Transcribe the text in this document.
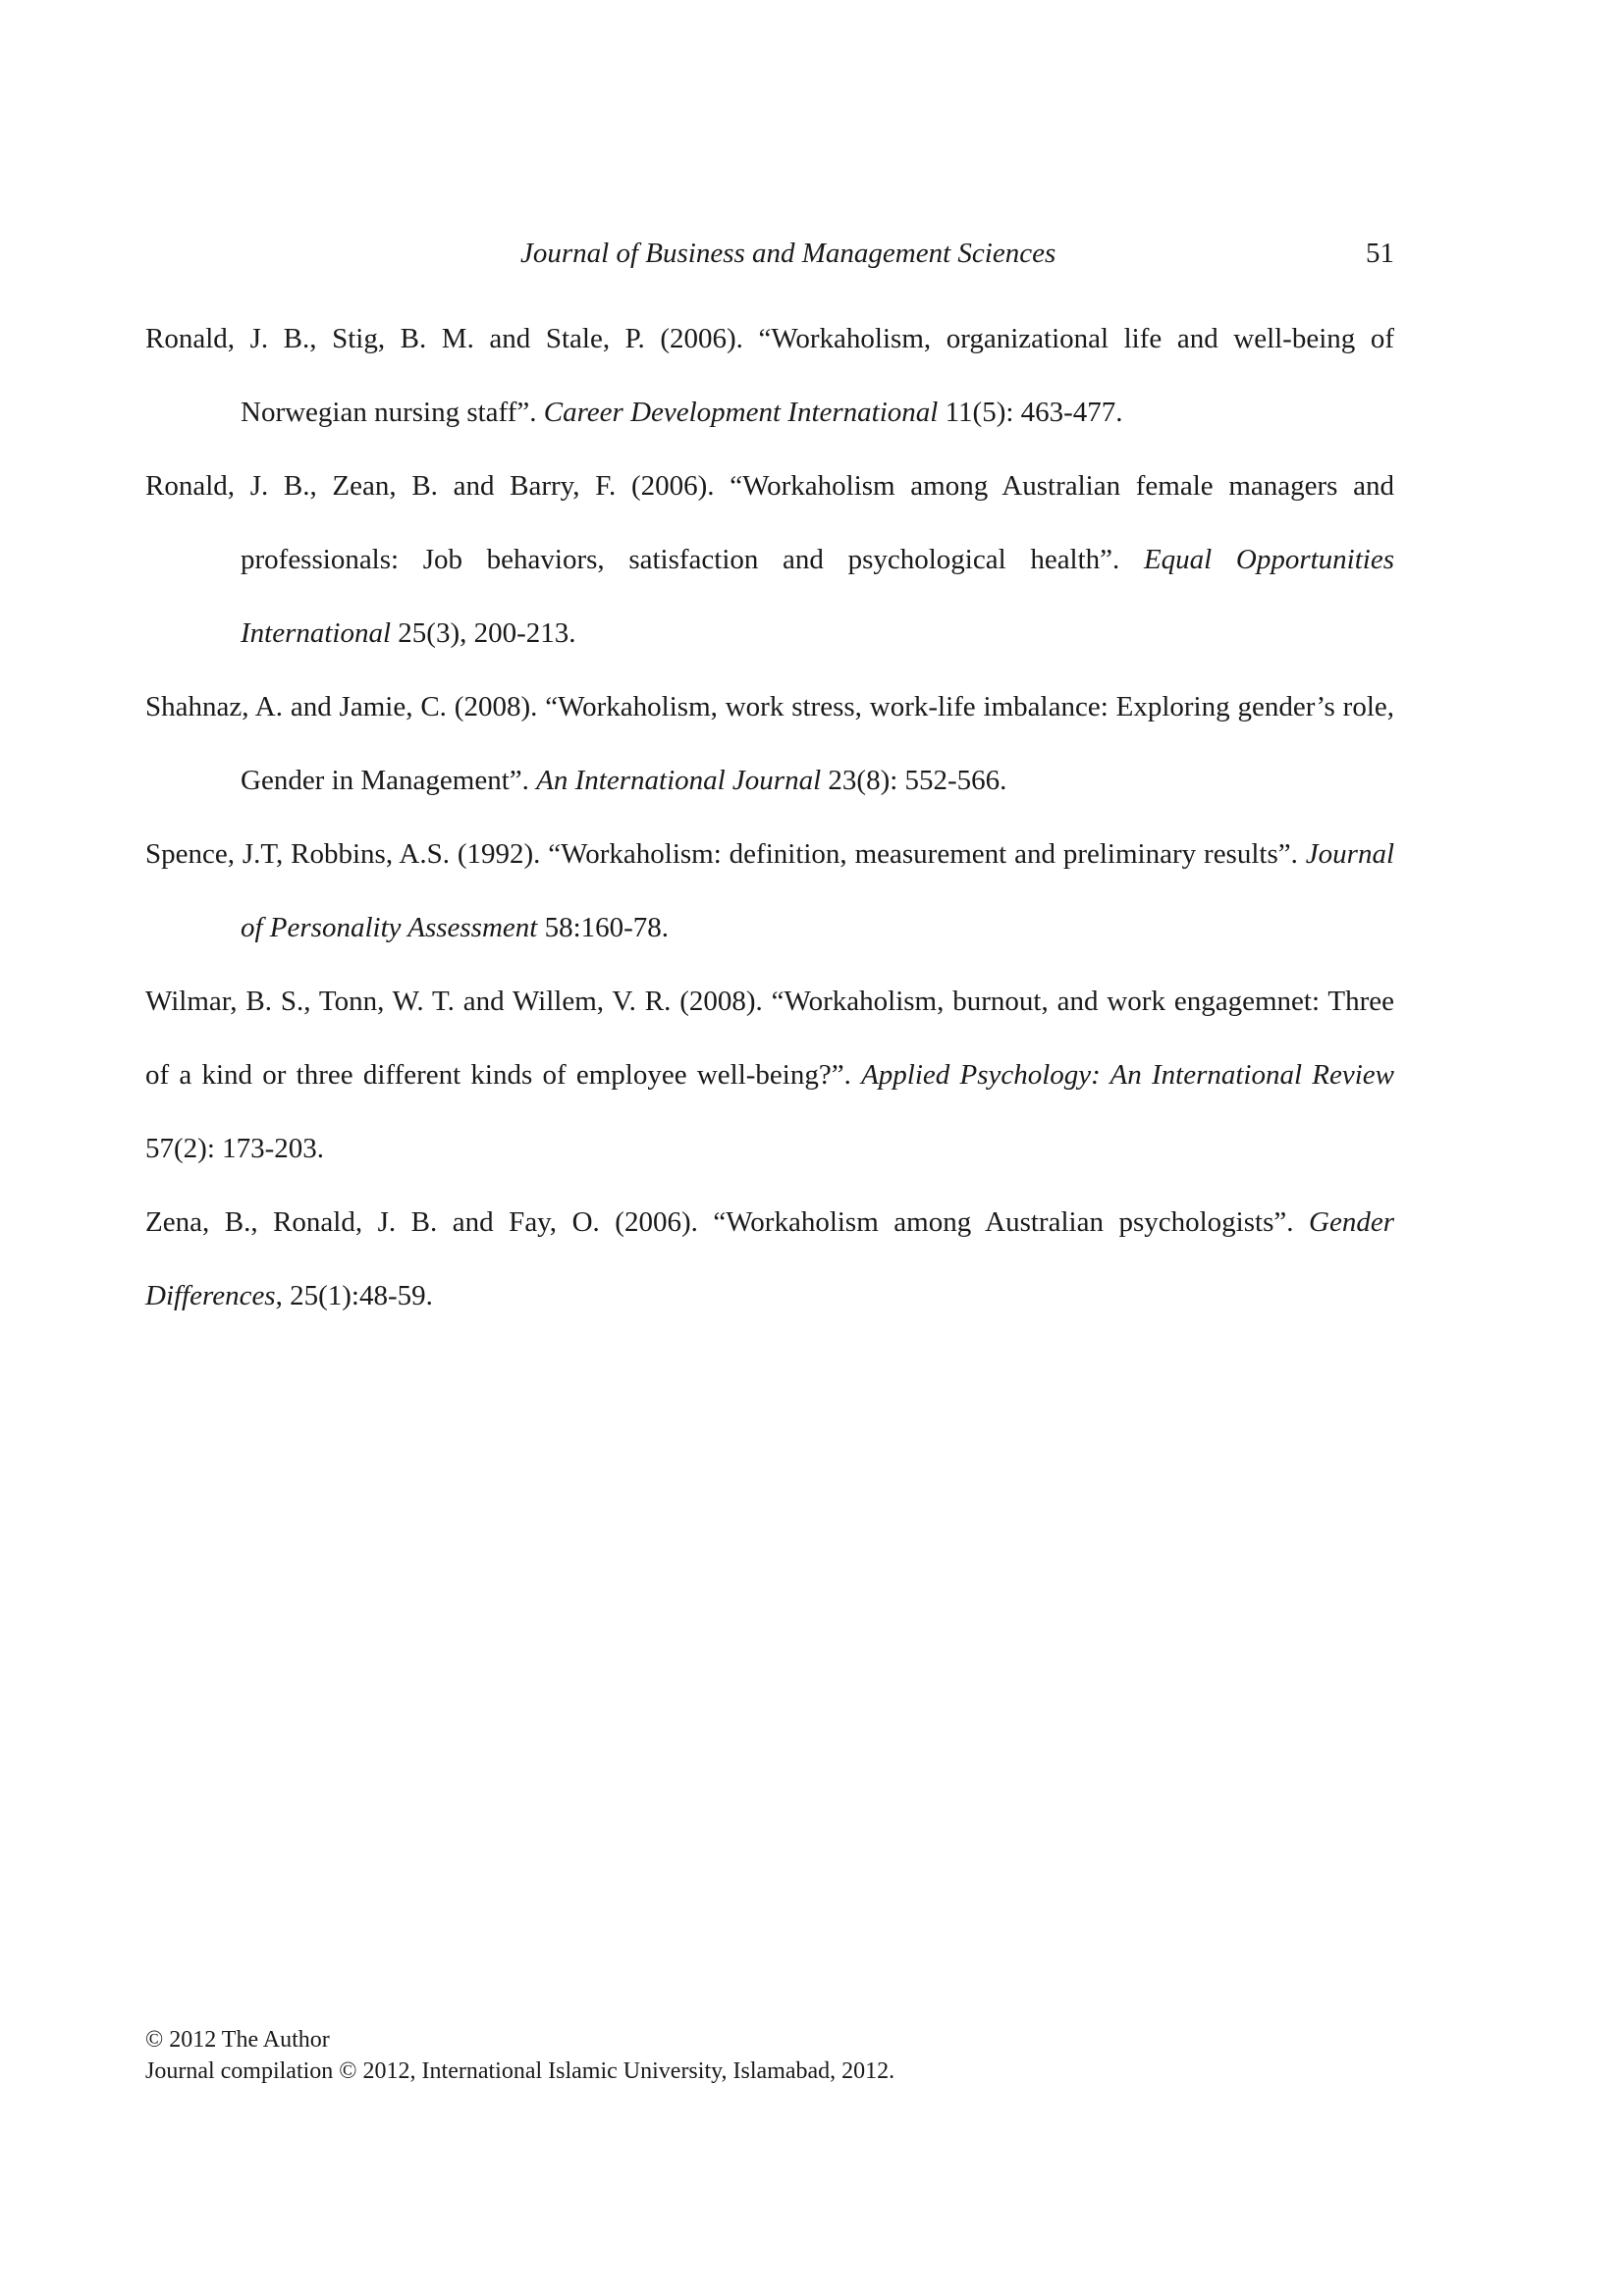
Journal of Business and Management Sciences	51

Ronald, J. B., Stig, B. M. and Stale, P. (2006). “Workaholism, organizational life and well-being of Norwegian nursing staff”. Career Development International 11(5): 463-477.

Ronald, J. B., Zean, B. and Barry, F. (2006). “Workaholism among Australian female managers and professionals: Job behaviors, satisfaction and psychological health”. Equal Opportunities International 25(3), 200-213.

Shahnaz, A. and Jamie, C. (2008). “Workaholism, work stress, work-life imbalance: Exploring gender’s role, Gender in Management”. An International Journal 23(8): 552-566.

Spence, J.T, Robbins, A.S. (1992). “Workaholism: definition, measurement and preliminary results”. Journal of Personality Assessment 58:160-78.

Wilmar, B. S., Tonn, W. T. and Willem, V. R. (2008). “Workaholism, burnout, and work engagemnet: Three of a kind or three different kinds of employee well-being?”. Applied Psychology: An International Review 57(2): 173-203.

Zena, B., Ronald, J. B. and Fay, O. (2006). “Workaholism among Australian psychologists”. Gender Differences, 25(1):48-59.

© 2012 The Author
Journal compilation © 2012, International Islamic University, Islamabad, 2012.
